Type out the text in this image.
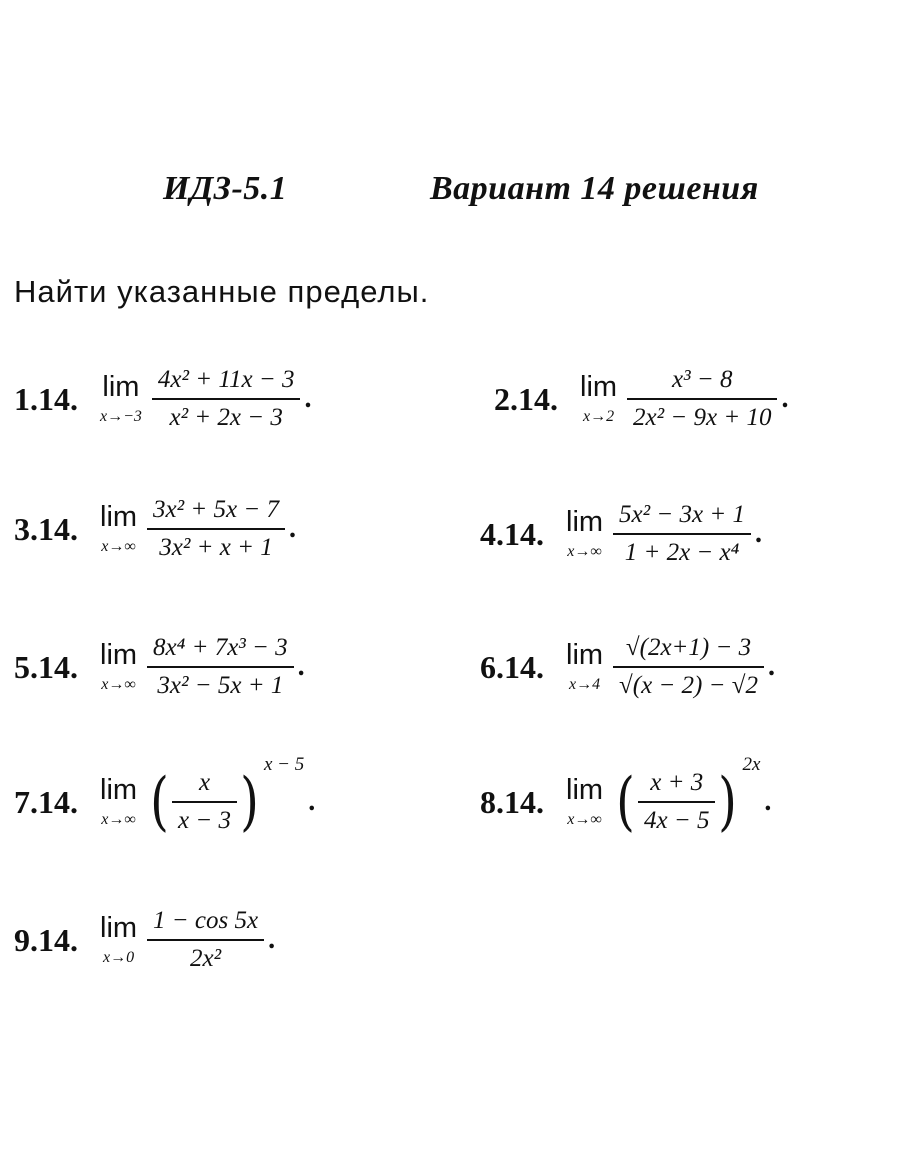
ИДЗ-5.1	Вариант 14 решения
Найти указанные пределы.
1.14. lim
$x\to-3 \frac{\text{4x² + 11x − 3}}{\text{x² + 2x − 3}}$ .	2.14. lim
$x\to 2 \frac{\text{x³ − 8}}{\text{2x² − 9x + 10}}$ .
3.14. lim
$x\to\infty \frac{\text{3x² + 5x − 7}}{\text{3x² + x + 1}}$ .	4.14. lim
$x\to\infty \frac{\text{5x² − 3x + 1}}{\text{1 + 2x − x⁴}}$ .
5.14. lim
$x\to\infty \frac{\text{8x⁴ + 7x³ − 3}}{\text{3x² − 5x + 1}}$ .	6.14. lim
$x\to 4 \frac{√(2x+1) - 3}{√(x - 2) - √2}$ .
7.14. lim
x→∞ ( $\frac{x}{x - 3}$ )
x − 5
.	8.14. lim
x→∞ ( $\frac{x + 3}{4x - 5}$ )
2x
.
9.14. lim
$x\to 0 \frac{1 - \cos 5x}{\text{2x²}}$ .
